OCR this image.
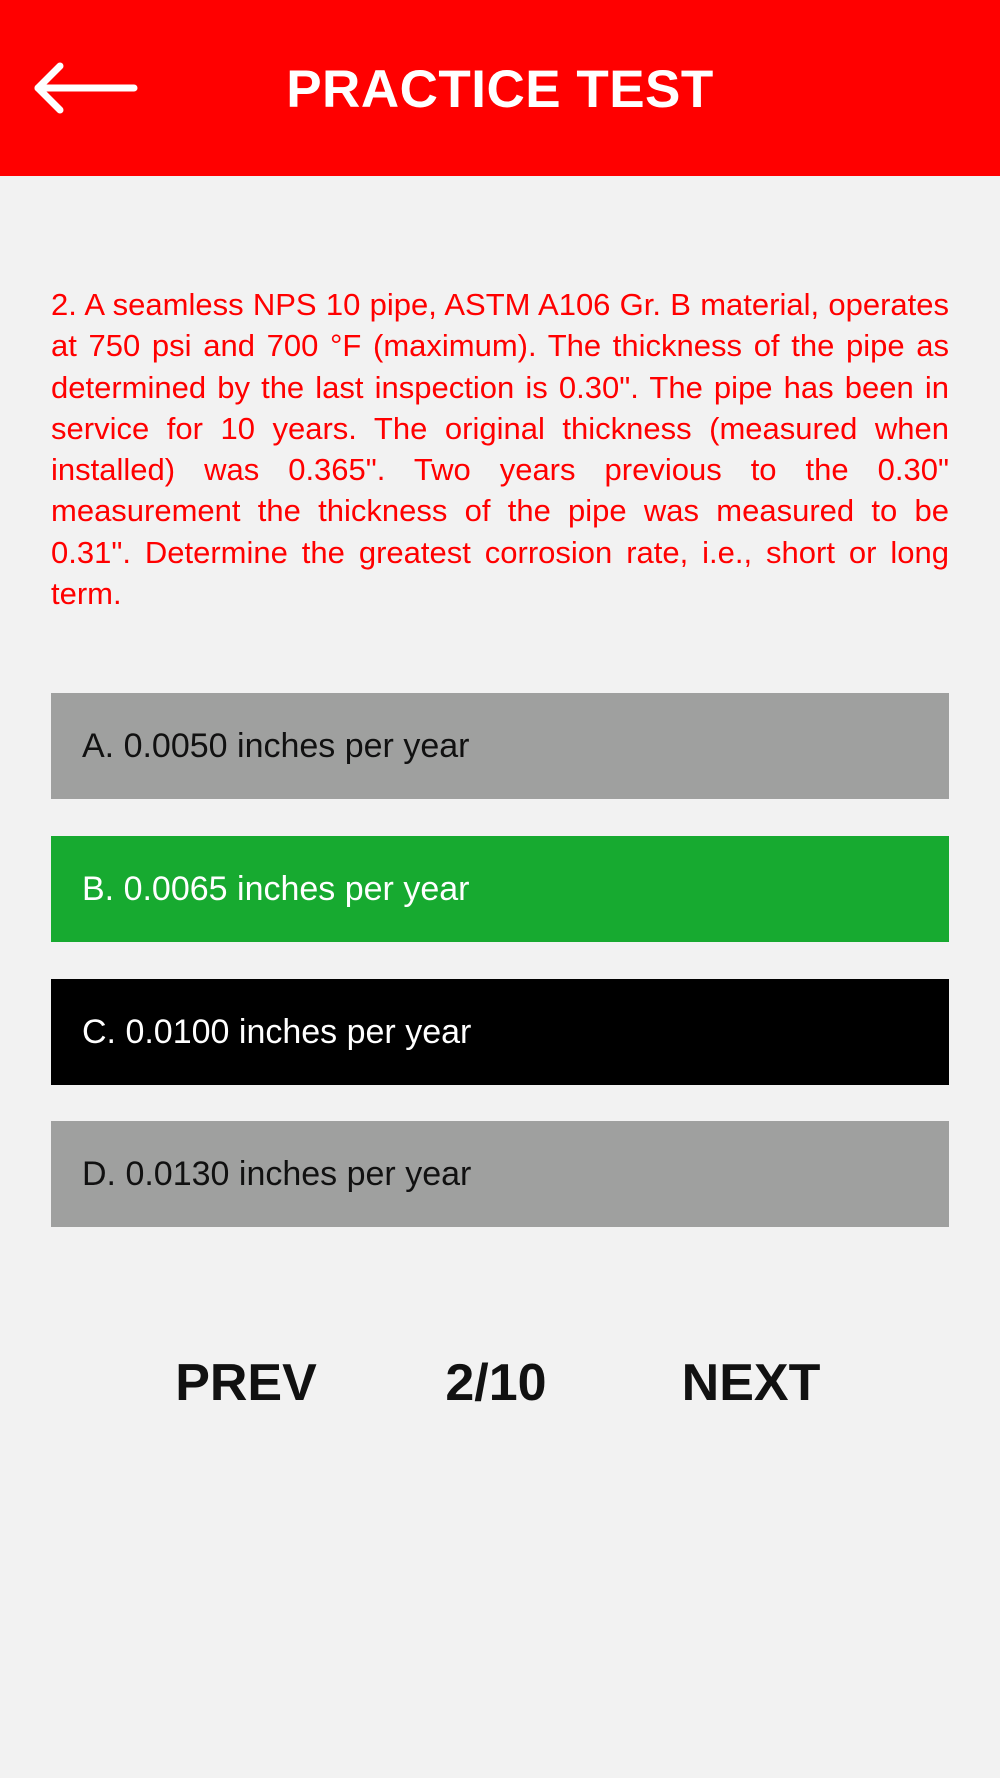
PRACTICE TEST

2. A seamless NPS 10 pipe, ASTM A106 Gr. B material, operates at 750 psi and 700 °F (maximum). The thickness of the pipe as determined by the last inspection is 0.30". The pipe has been in service for 10 years. The original thickness (measured when installed) was 0.365". Two years previous to the 0.30" measurement the thickness of the pipe was measured to be 0.31". Determine the greatest corrosion rate, i.e., short or long term.

A. 0.0050 inches per year
B. 0.0065 inches per year
C. 0.0100 inches per year
D. 0.0130 inches per year
PREV	2/10	NEXT
